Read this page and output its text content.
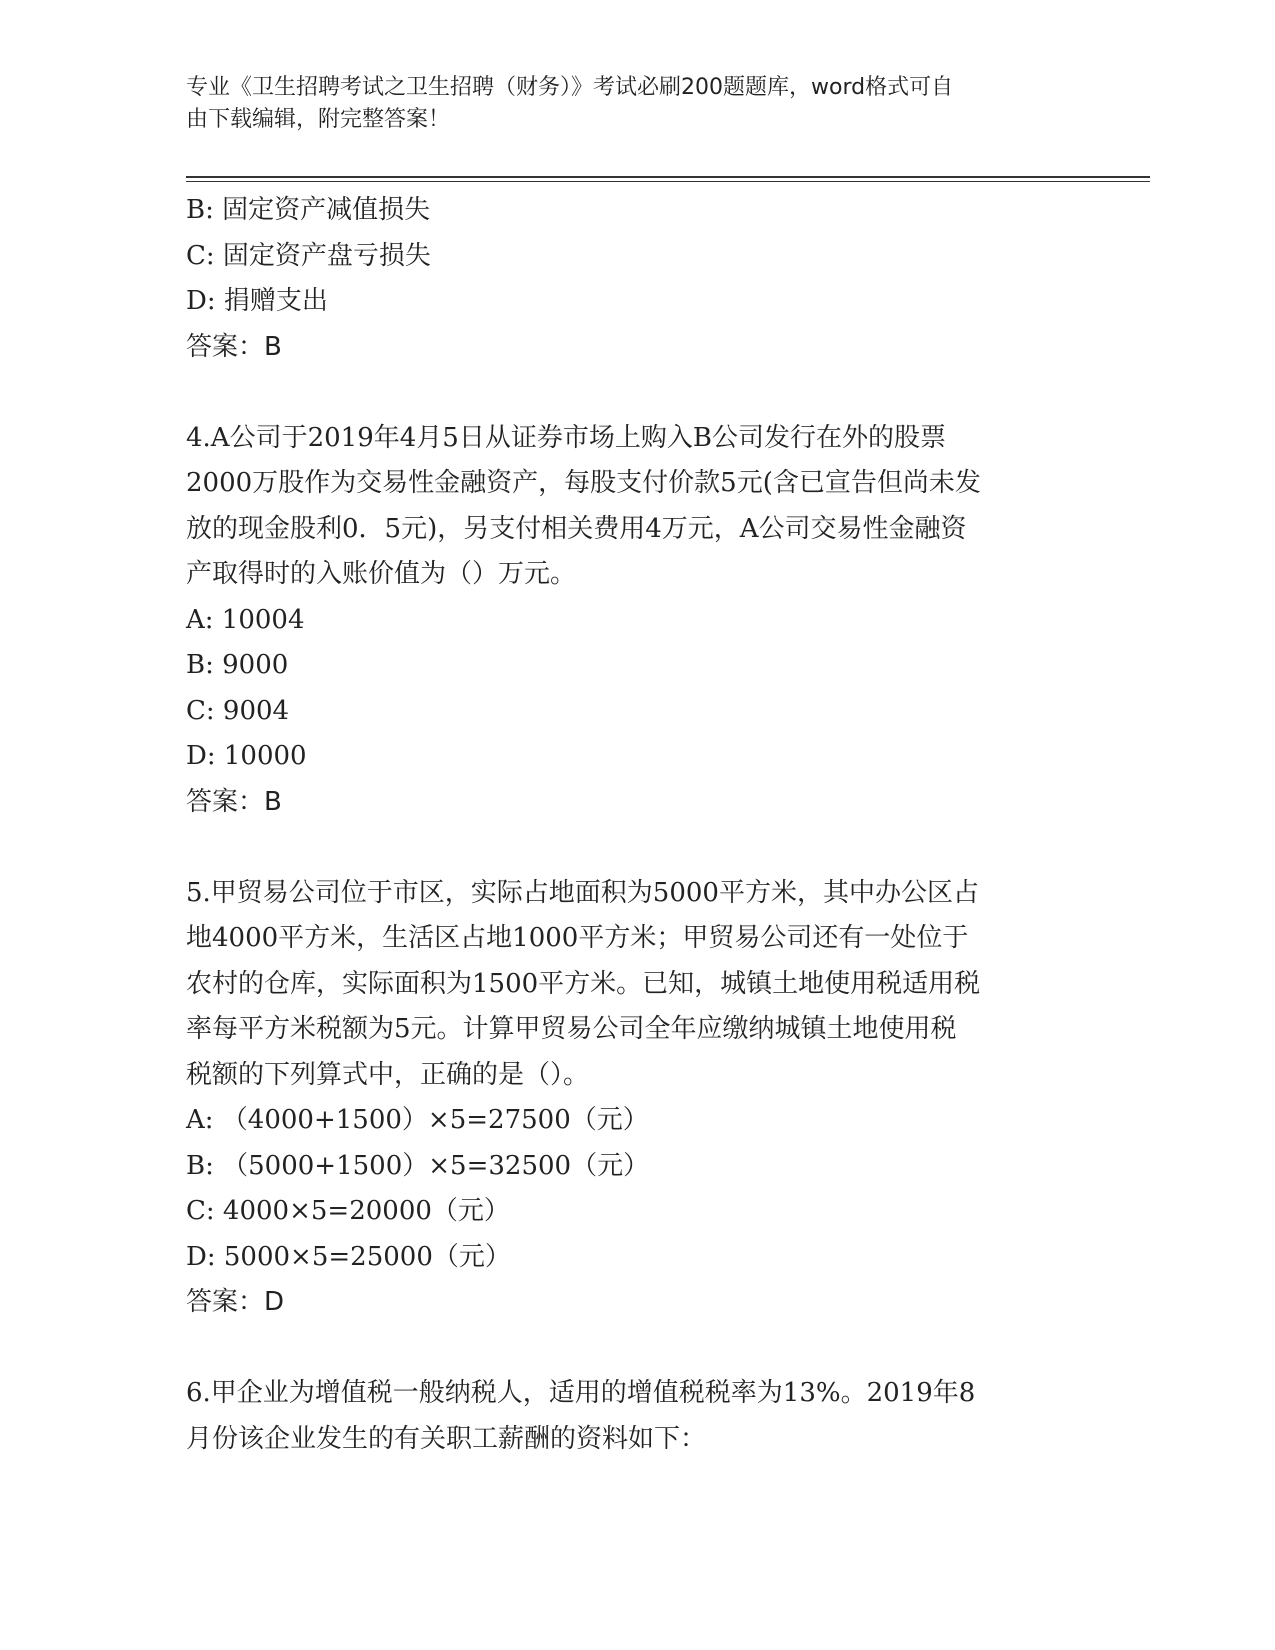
专业《卫生招聘考试之卫生招聘（财务）》考试必刷200题题库，word格式可自
由下载编辑，附完整答案！
B: 固定资产减值损失
C: 固定资产盘亏损失
D: 捐赠支出
答案：B
4.A公司于2019年4月5日从证券市场上购入B公司发行在外的股票
2000万股作为交易性金融资产，每股支付价款5元(含已宣告但尚未发
放的现金股利0．5元)，另支付相关费用4万元，A公司交易性金融资
产取得时的入账价值为（）万元。
A: 10004
B: 9000
C: 9004
D: 10000
答案：B
5.甲贸易公司位于市区，实际占地面积为5000平方米，其中办公区占
地4000平方米，生活区占地1000平方米；甲贸易公司还有一处位于
农村的仓库，实际面积为1500平方米。已知，城镇土地使用税适用税
率每平方米税额为5元。计算甲贸易公司全年应缴纳城镇土地使用税
税额的下列算式中，正确的是（）。
A: （4000+1500）×5=27500（元）
B: （5000+1500）×5=32500（元）
C: 4000×5=20000（元）
D: 5000×5=25000（元）
答案：D
6.甲企业为增值税一般纳税人，适用的增值税税率为13%。2019年8
月份该企业发生的有关职工薪酬的资料如下：
